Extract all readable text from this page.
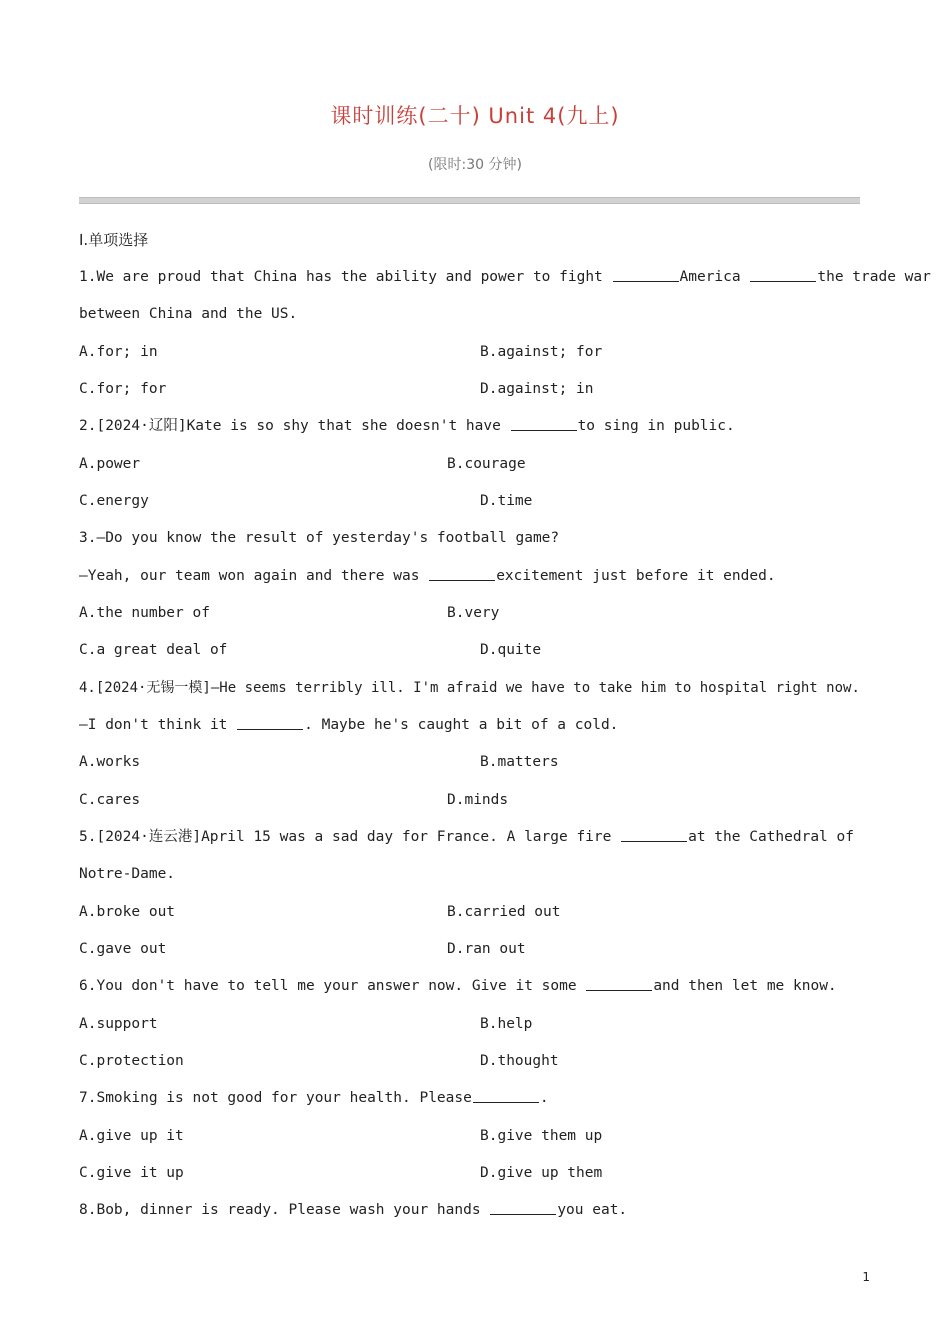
课时训练(二十) Unit 4(九上)
(限时:30 分钟)
Ⅰ.单项选择
1.We are proud that China has the ability and power to fight	America	the trade war
between China and the US.
A.for; in	B.against; for
C.for; for	D.against; in
2.[2024·辽阳]Kate is so shy that she doesn't have	to sing in public.
A.power	B.courage
C.energy	D.time
3.—Do you know the result of yesterday's football game?
—Yeah, our team won again and there was	excitement just before it ended.
A.the number of	B.very
C.a great deal of	D.quite
4.[2024·无锡一模]—He seems terribly ill. I'm afraid we have to take him to hospital right now.
—I don't think it	. Maybe he's caught a bit of a cold.
A.works	B.matters
C.cares	D.minds
5.[2024·连云港]April 15 was a sad day for France. A large fire	at the Cathedral of
Notre-Dame.
A.broke out	B.carried out
C.gave out	D.ran out
6.You don't have to tell me your answer now. Give it some	and then let me know.
A.support	B.help
C.protection	D.thought
7.Smoking is not good for your health. Please	.
A.give up it	B.give them up
C.give it up	D.give up them
8.Bob, dinner is ready. Please wash your hands	you eat.
1
